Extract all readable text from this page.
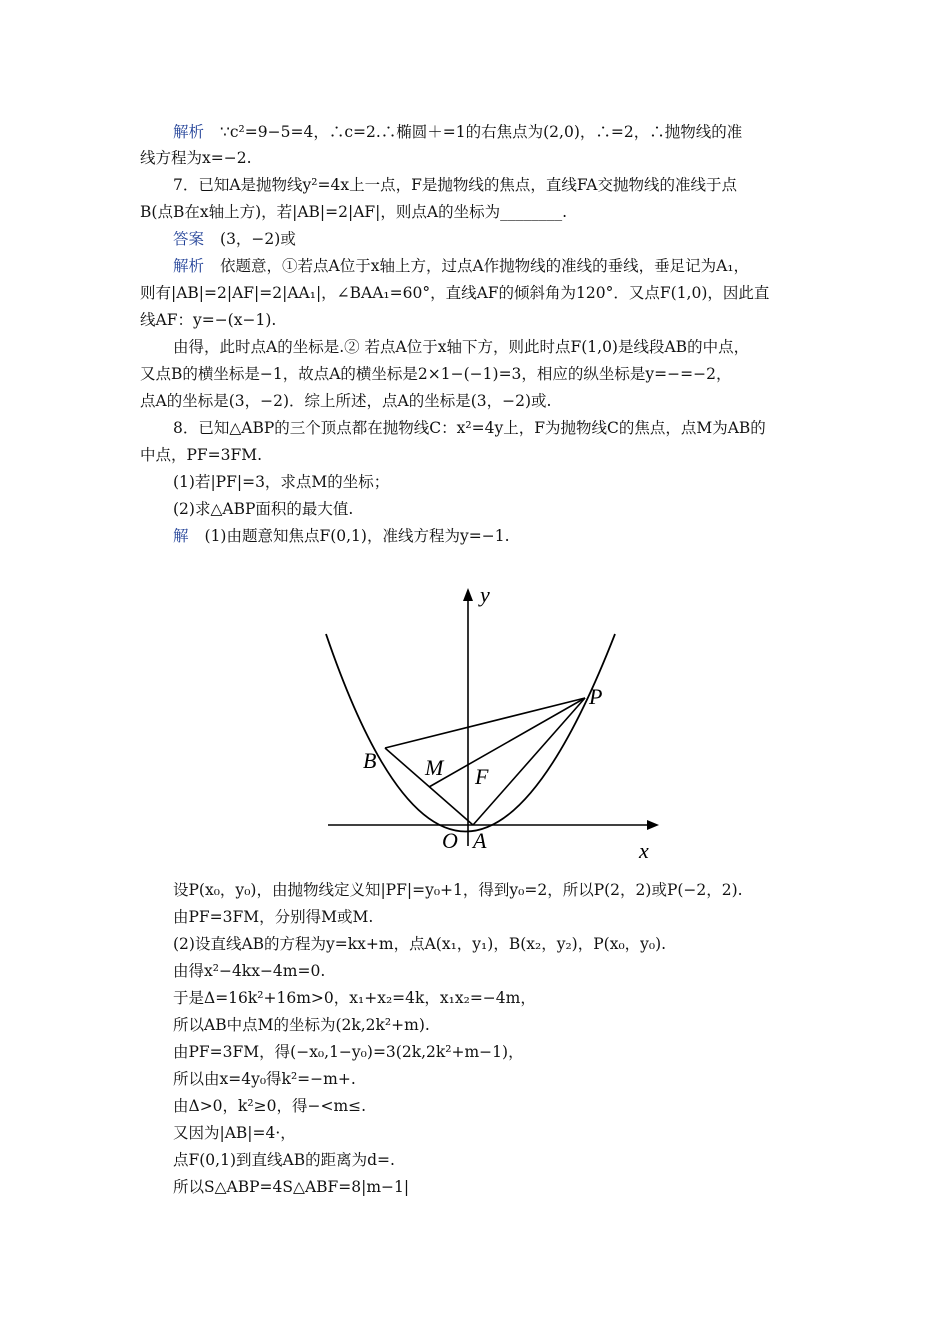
解析 ∵c²=9−5=4，∴c=2.∴椭圆＋=1的右焦点为(2,0)，∴=2，∴抛物线的准
线方程为x=−2.
7．已知A是抛物线y²=4x上一点，F是抛物线的焦点，直线FA交抛物线的准线于点
B(点B在x轴上方)，若|AB|=2|AF|，则点A的坐标为________.
答案 (3，−2)或
解析 依题意，①若点A位于x轴上方，过点A作抛物线的准线的垂线，垂足记为A₁，
则有|AB|=2|AF|=2|AA₁|，∠BAA₁=60°，直线AF的倾斜角为120°．又点F(1,0)，因此直
线AF：y=−(x−1).
由得，此时点A的坐标是.② 若点A位于x轴下方，则此时点F(1,0)是线段AB的中点，
又点B的横坐标是−1，故点A的横坐标是2×1−(−1)=3，相应的纵坐标是y=−=−2，
点A的坐标是(3，−2)．综上所述，点A的坐标是(3，−2)或.
8．已知△ABP的三个顶点都在抛物线C：x²=4y上，F为抛物线C的焦点，点M为AB的
中点，PF=3FM.
(1)若|PF|=3，求点M的坐标；
(2)求△ABP面积的最大值.
解 (1)由题意知焦点F(0,1)，准线方程为y=−1.
设P(x₀，y₀)，由抛物线定义知|PF|=y₀+1，得到y₀=2，所以P(2，2)或P(−2，2).
由PF=3FM，分别得M或M.
(2)设直线AB的方程为y=kx+m，点A(x₁，y₁)，B(x₂，y₂)，P(x₀，y₀).
由得x²−4kx−4m=0.
于是Δ=16k²+16m>0，x₁+x₂=4k，x₁x₂=−4m，
所以AB中点M的坐标为(2k,2k²+m).
由PF=3FM，得(−x₀,1−y₀)=3(2k,2k²+m−1)，
所以由x=4y₀得k²=−m+.
由Δ>0，k²≥0，得−<m≤.
又因为|AB|=4·，
点F(0,1)到直线AB的距离为d=.
所以S△ABP=4S△ABF=8|m−1|
y
x
P
B M F
O A
